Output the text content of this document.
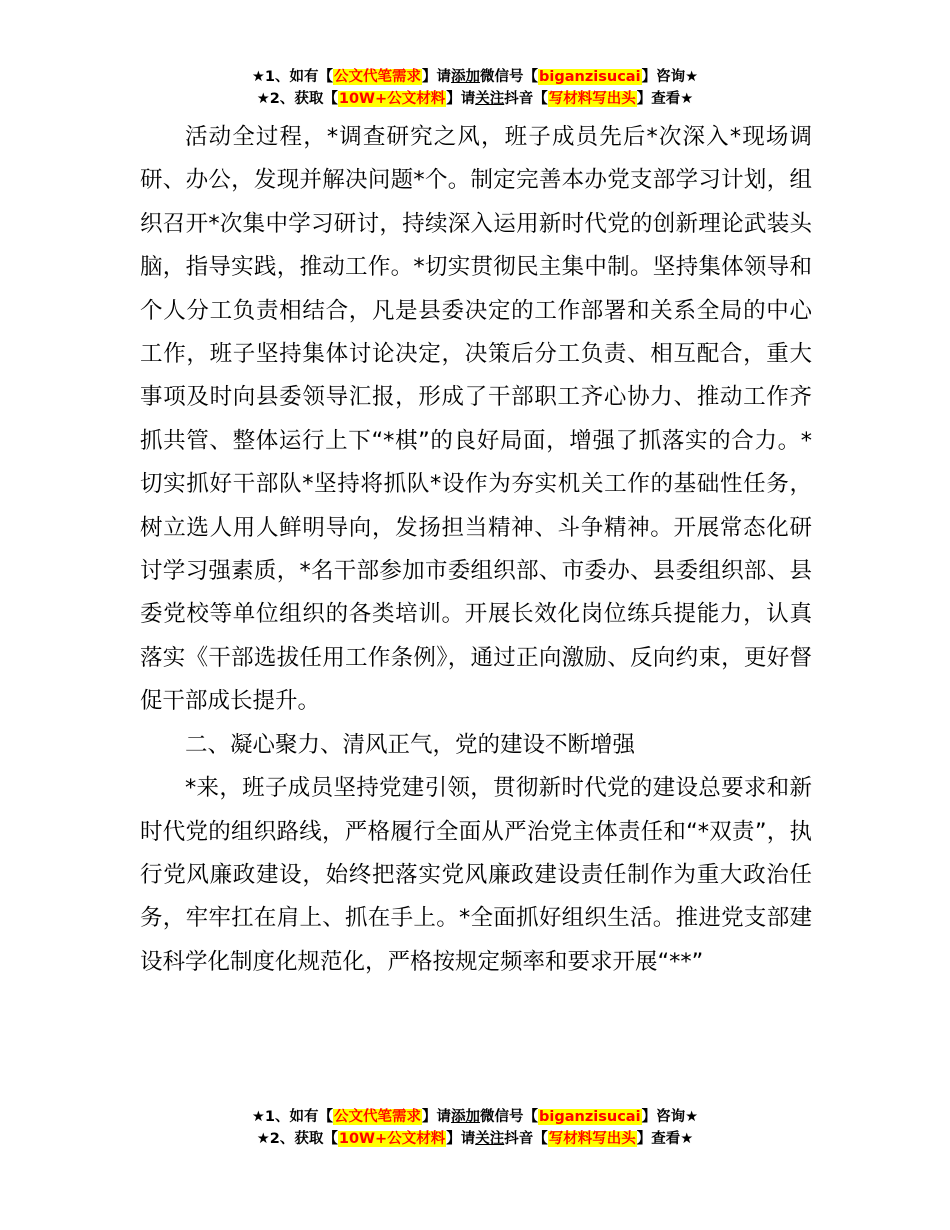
★1、如有【公文代笔需求】请添加微信号【biganzisucai】咨询★
★2、获取【10W+公文材料】请关注抖音【写材料写出头】查看★

活动全过程，*调查研究之风，班子成员先后*次深入*现场调研、办公，发现并解决问题*个。制定完善本办党支部学习计划，组织召开*次集中学习研讨，持续深入运用新时代党的创新理论武装头脑，指导实践，推动工作。*切实贯彻民主集中制。坚持集体领导和个人分工负责相结合，凡是县委决定的工作部署和关系全局的中心工作，班子坚持集体讨论决定，决策后分工负责、相互配合，重大事项及时向县委领导汇报，形成了干部职工齐心协力、推动工作齐抓共管、整体运行上下“*棋”的良好局面，增强了抓落实的合力。*切实抓好干部队*坚持将抓队*设作为夯实机关工作的基础性任务，树立选人用人鲜明导向，发扬担当精神、斗争精神。开展常态化研讨学习强素质，*名干部参加市委组织部、市委办、县委组织部、县委党校等单位组织的各类培训。开展长效化岗位练兵提能力，认真落实《干部选拔任用工作条例》，通过正向激励、反向约束，更好督促干部成长提升。

二、凝心聚力、清风正气，党的建设不断增强

*来，班子成员坚持党建引领，贯彻新时代党的建设总要求和新时代党的组织路线，严格履行全面从严治党主体责任和“*双责”，执行党风廉政建设，始终把落实党风廉政建设责任制作为重大政治任务，牢牢扛在肩上、抓在手上。*全面抓好组织生活。推进党支部建设科学化制度化规范化，严格按规定频率和要求开展“**”

★1、如有【公文代笔需求】请添加微信号【biganzisucai】咨询★
★2、获取【10W+公文材料】请关注抖音【写材料写出头】查看★
